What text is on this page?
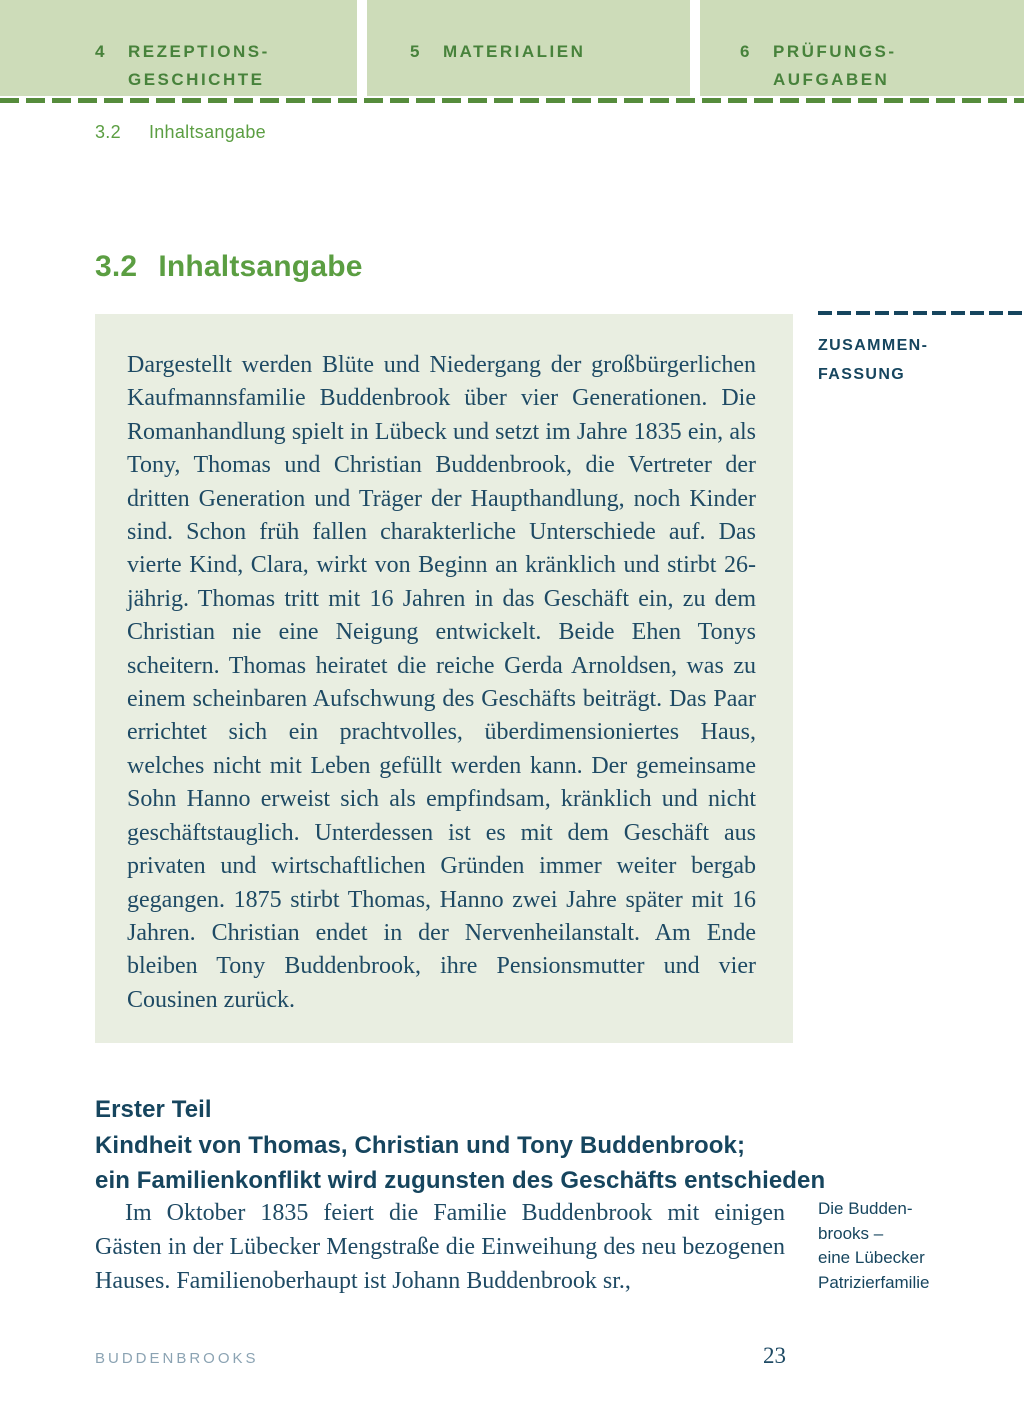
4	REZEPTIONS-
GESCHICHTE
5	MATERIALIEN	6	PRÜFUNGS-
AUFGABEN
3.2 Inhaltsangabe
3.2 Inhaltsangabe

Dargestellt werden Blüte und Niedergang der großbürgerlichen Kaufmannsfamilie Buddenbrook über vier Generationen. Die Romanhandlung spielt in Lübeck und setzt im Jahre 1835 ein, als Tony, Thomas und Christian Buddenbrook, die Vertreter der dritten Generation und Träger der Haupthandlung, noch Kinder sind. Schon früh fallen charakterliche Unterschiede auf. Das vierte Kind, Clara, wirkt von Beginn an kränklich und stirbt 26-jährig. Thomas tritt mit 16 Jahren in das Geschäft ein, zu dem Christian nie eine Neigung entwickelt. Beide Ehen Tonys scheitern. Thomas heiratet die reiche Gerda Arnoldsen, was zu einem scheinbaren Aufschwung des Geschäfts beiträgt. Das Paar errichtet sich ein prachtvolles, überdimensioniertes Haus, welches nicht mit Leben gefüllt werden kann. Der gemeinsame Sohn Hanno erweist sich als empfindsam, kränklich und nicht geschäftstauglich. Unterdessen ist es mit dem Geschäft aus privaten und wirtschaftlichen Gründen immer weiter bergab gegangen. 1875 stirbt Thomas, Hanno zwei Jahre später mit 16 Jahren. Christian endet in der Nervenheilanstalt. Am Ende bleiben Tony Buddenbrook, ihre Pensionsmutter und vier Cousinen zurück.

ZUSAMMEN-
FASSUNG
Erster Teil
Kindheit von Thomas, Christian und Tony Buddenbrook;
ein Familienkonflikt wird zugunsten des Geschäfts entschieden

Im Oktober 1835 feiert die Familie Buddenbrook mit einigen Gästen in der Lübecker Mengstraße die Einweihung des neu bezogenen Hauses. Familienoberhaupt ist Johann Buddenbrook sr.,

Die Budden-
brooks –
eine Lübecker
Patrizierfamilie
BUDDENBROOKS	23
